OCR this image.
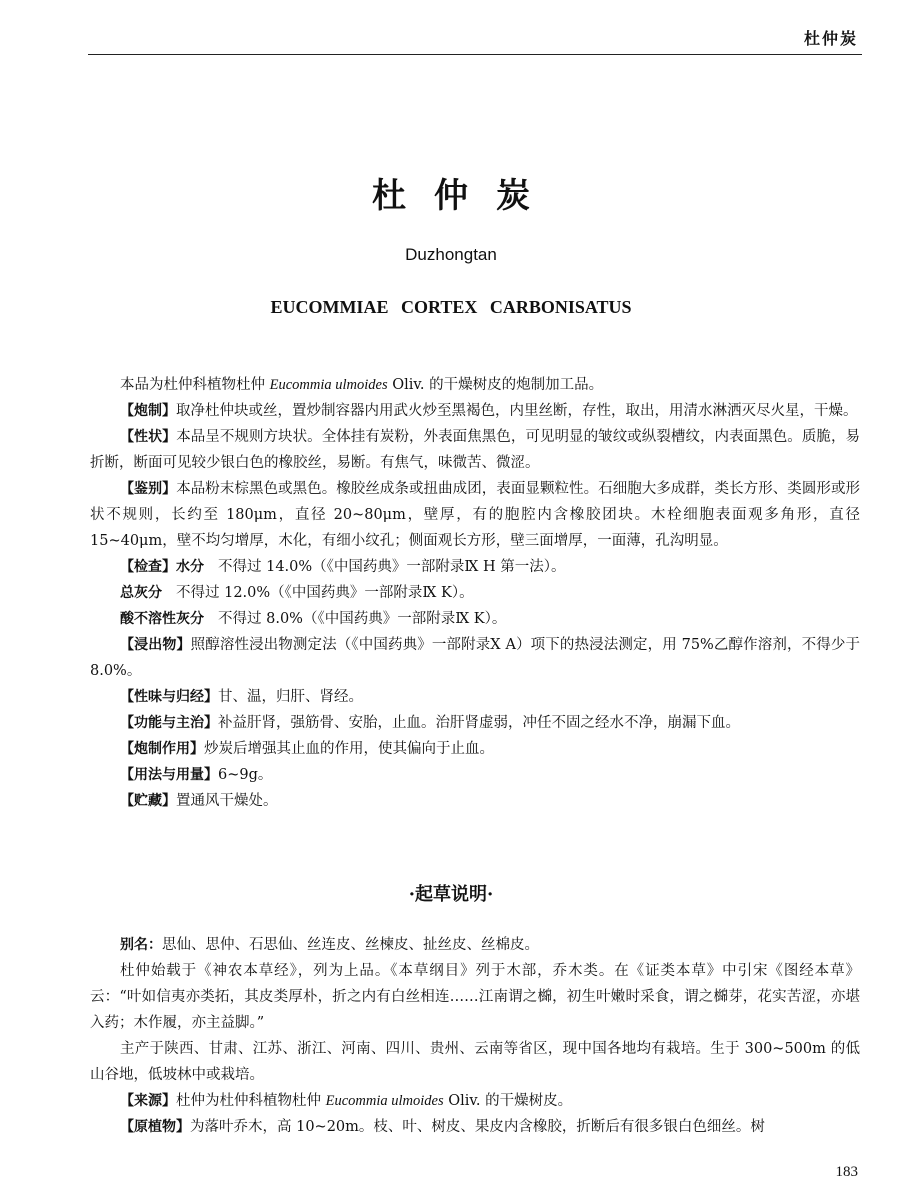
杜仲炭
杜仲炭
Duzhongtan
EUCOMMIAE CORTEX CARBONISATUS

本品为杜仲科植物杜仲 Eucommia ulmoides Oliv. 的干燥树皮的炮制加工品。

【炮制】取净杜仲块或丝，置炒制容器内用武火炒至黑褐色，内里丝断，存性，取出，用清水淋洒灭尽火星，干燥。

【性状】本品呈不规则方块状。全体挂有炭粉，外表面焦黑色，可见明显的皱纹或纵裂槽纹，内表面黑色。质脆，易折断，断面可见较少银白色的橡胶丝，易断。有焦气，味微苦、微涩。

【鉴别】本品粉末棕黑色或黑色。橡胶丝成条或扭曲成团，表面显颗粒性。石细胞大多成群，类长方形、类圆形或形状不规则，长约至 180μm，直径 20~80μm，壁厚，有的胞腔内含橡胶团块。木栓细胞表面观多角形，直径 15~40μm，壁不均匀增厚，木化，有细小纹孔；侧面观长方形，壁三面增厚，一面薄，孔沟明显。

【检查】水分 不得过 14.0%（《中国药典》一部附录Ⅸ H 第一法）。

总灰分 不得过 12.0%（《中国药典》一部附录Ⅸ K）。

酸不溶性灰分 不得过 8.0%（《中国药典》一部附录Ⅸ K）。

【浸出物】照醇溶性浸出物测定法（《中国药典》一部附录Ⅹ A）项下的热浸法测定，用 75%乙醇作溶剂，不得少于 8.0%。

【性味与归经】甘、温，归肝、肾经。

【功能与主治】补益肝肾，强筋骨、安胎，止血。治肝肾虚弱，冲任不固之经水不净，崩漏下血。

【炮制作用】炒炭后增强其止血的作用，使其偏向于止血。

【用法与用量】6~9g。

【贮藏】置通风干燥处。

·起草说明·

别名：思仙、思仲、石思仙、丝连皮、丝楝皮、扯丝皮、丝棉皮。

杜仲始载于《神农本草经》，列为上品。《本草纲目》列于木部，乔木类。在《证类本草》中引宋《图经本草》云：“叶如信夷亦类拓，其皮类厚朴，折之内有白丝相连……江南谓之檰，初生叶嫩时采食，谓之檰芽，花实苦涩，亦堪入药；木作履，亦主益脚。”

主产于陕西、甘肃、江苏、浙江、河南、四川、贵州、云南等省区，现中国各地均有栽培。生于 300~500m 的低山谷地，低坡林中或栽培。

【来源】杜仲为杜仲科植物杜仲 Eucommia ulmoides Oliv. 的干燥树皮。

【原植物】为落叶乔木，高 10~20m。枝、叶、树皮、果皮内含橡胶，折断后有很多银白色细丝。树

183
